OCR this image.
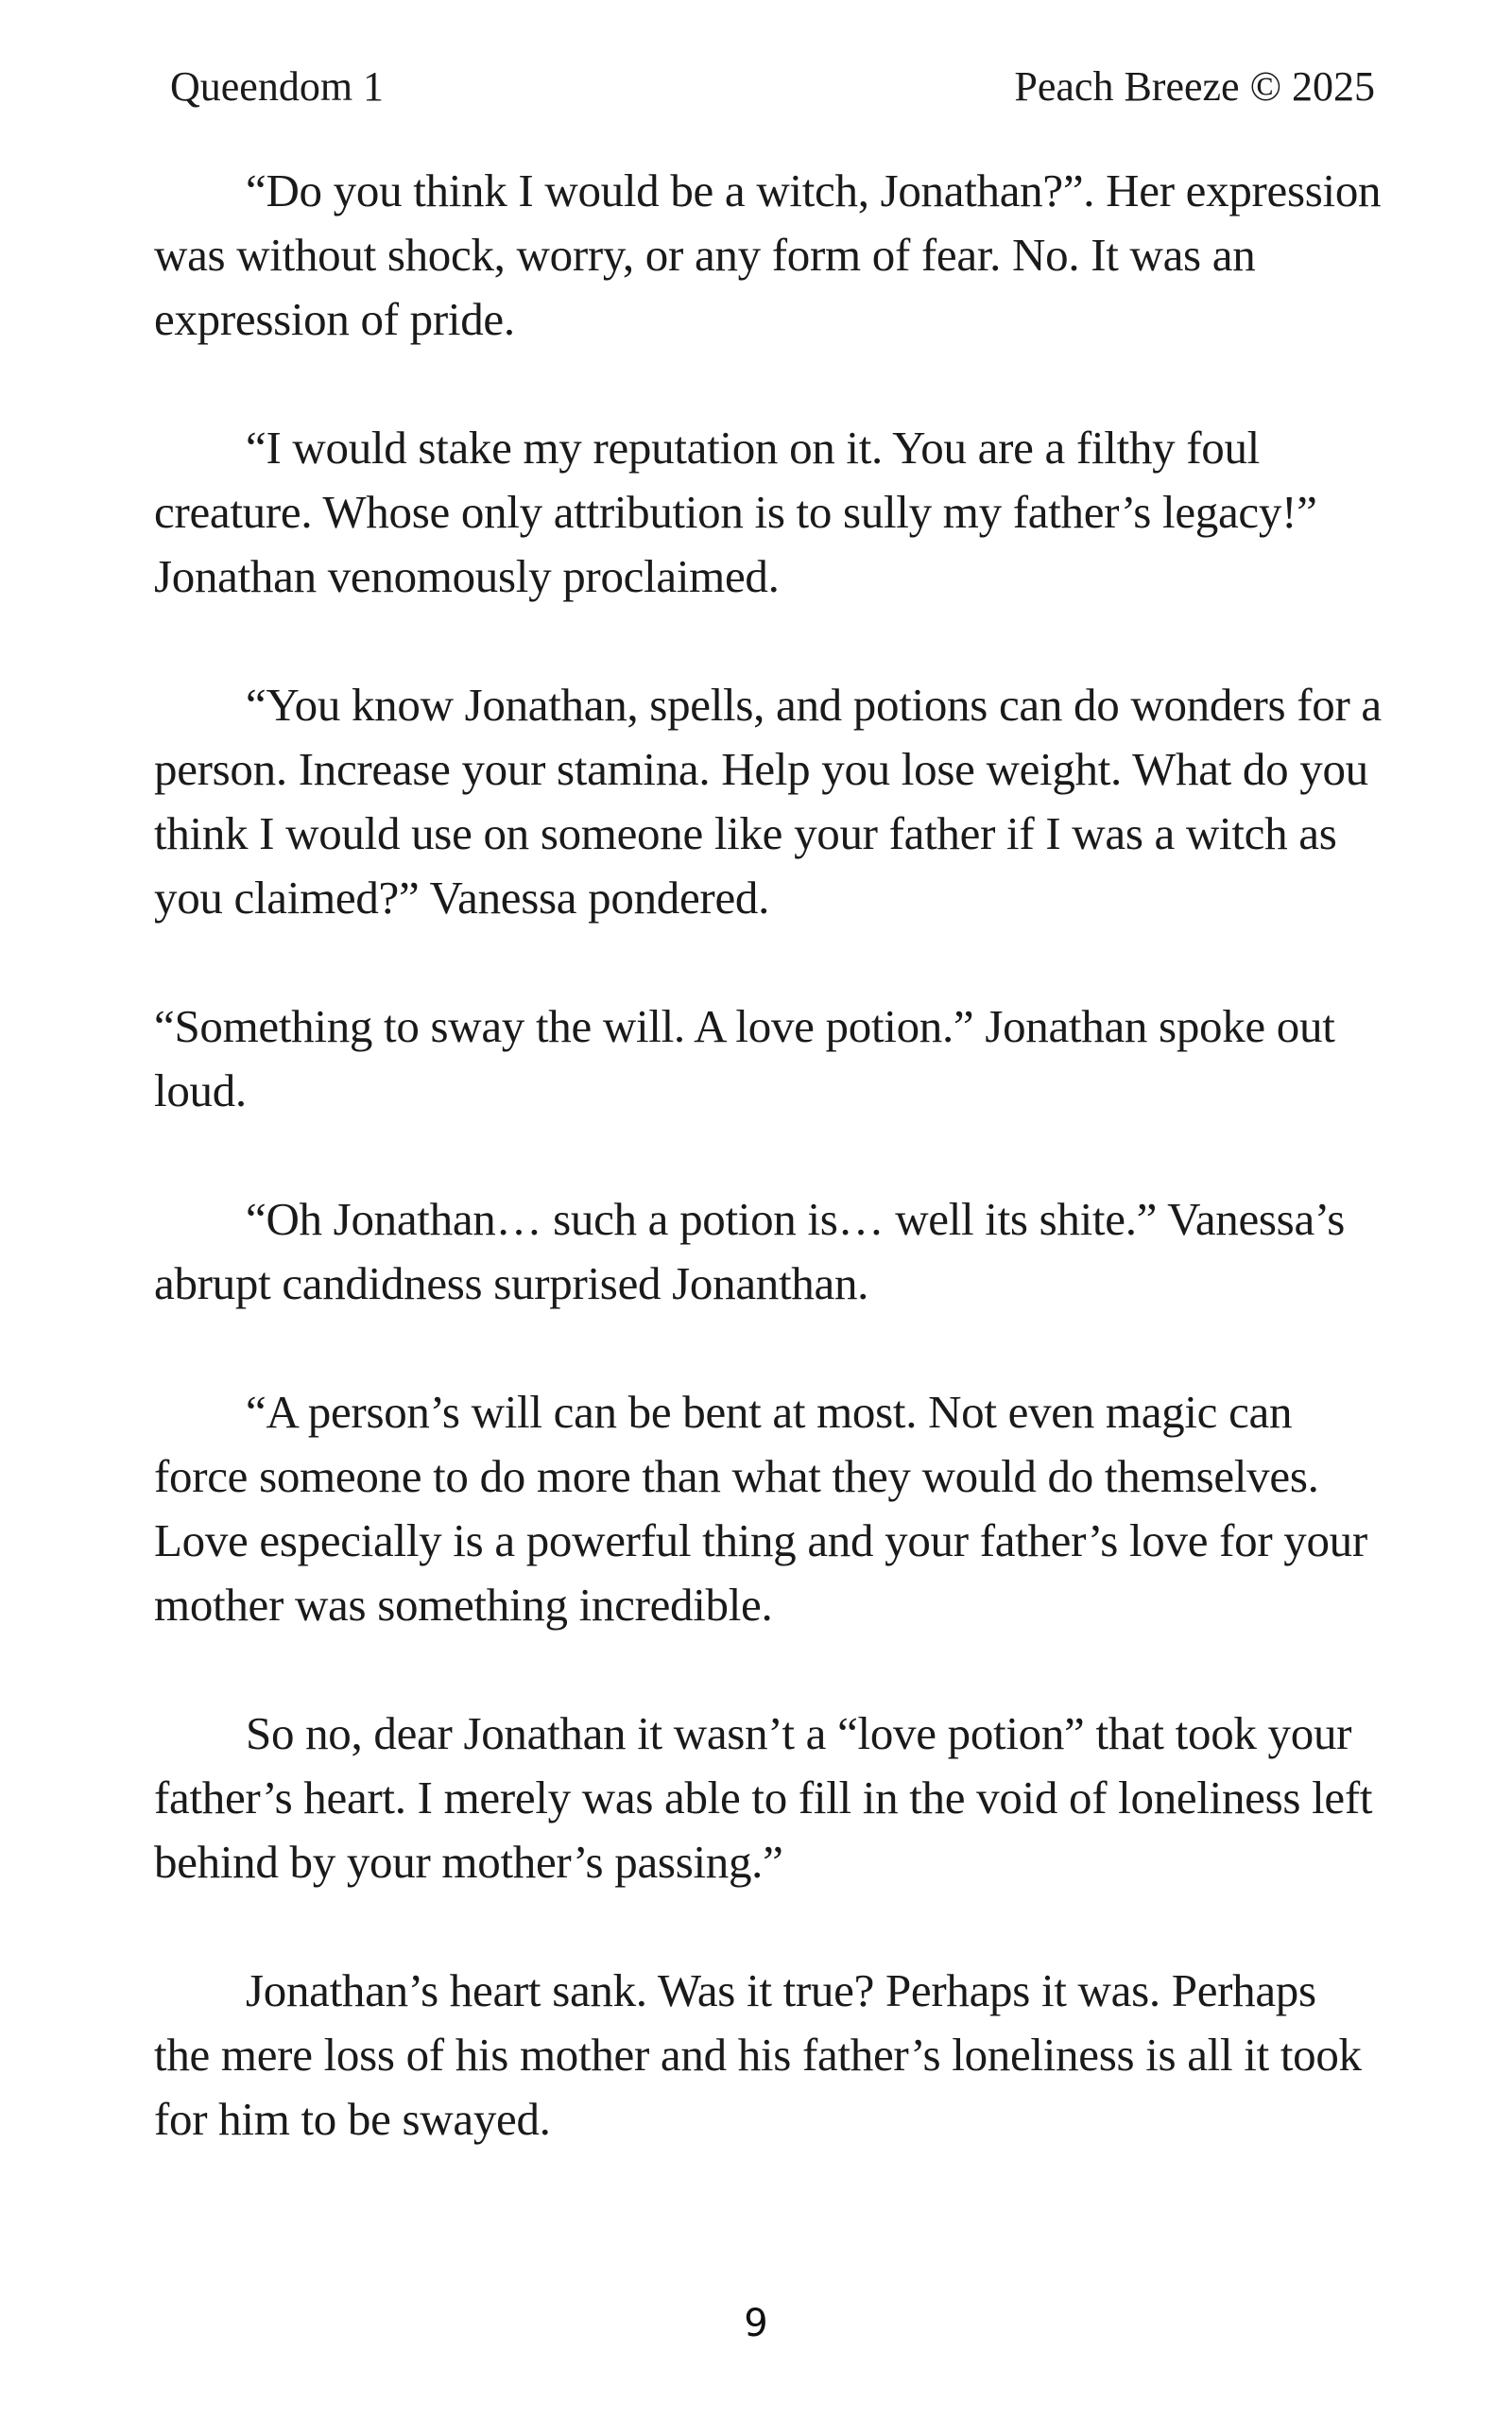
Queendom 1	Peach Breeze © 2025

“Do you think I would be a witch, Jonathan?”. Her expression was without shock, worry, or any form of fear. No. It was an expression of pride.

“I would stake my reputation on it. You are a filthy foul creature. Whose only attribution is to sully my father’s legacy!” Jonathan venomously proclaimed.

“You know Jonathan, spells, and potions can do wonders for a person. Increase your stamina. Help you lose weight. What do you think I would use on someone like your father if I was a witch as you claimed?” Vanessa pondered.

“Something to sway the will. A love potion.” Jonathan spoke out loud.

“Oh Jonathan… such a potion is… well its shite.” Vanessa’s abrupt candidness surprised Jonanthan.

“A person’s will can be bent at most. Not even magic can force someone to do more than what they would do themselves. Love especially is a powerful thing and your father’s love for your mother was something incredible.

So no, dear Jonathan it wasn’t a “love potion” that took your father’s heart. I merely was able to fill in the void of loneliness left behind by your mother’s passing.”

Jonathan’s heart sank. Was it true? Perhaps it was. Perhaps the mere loss of his mother and his father’s loneliness is all it took for him to be swayed.

9
